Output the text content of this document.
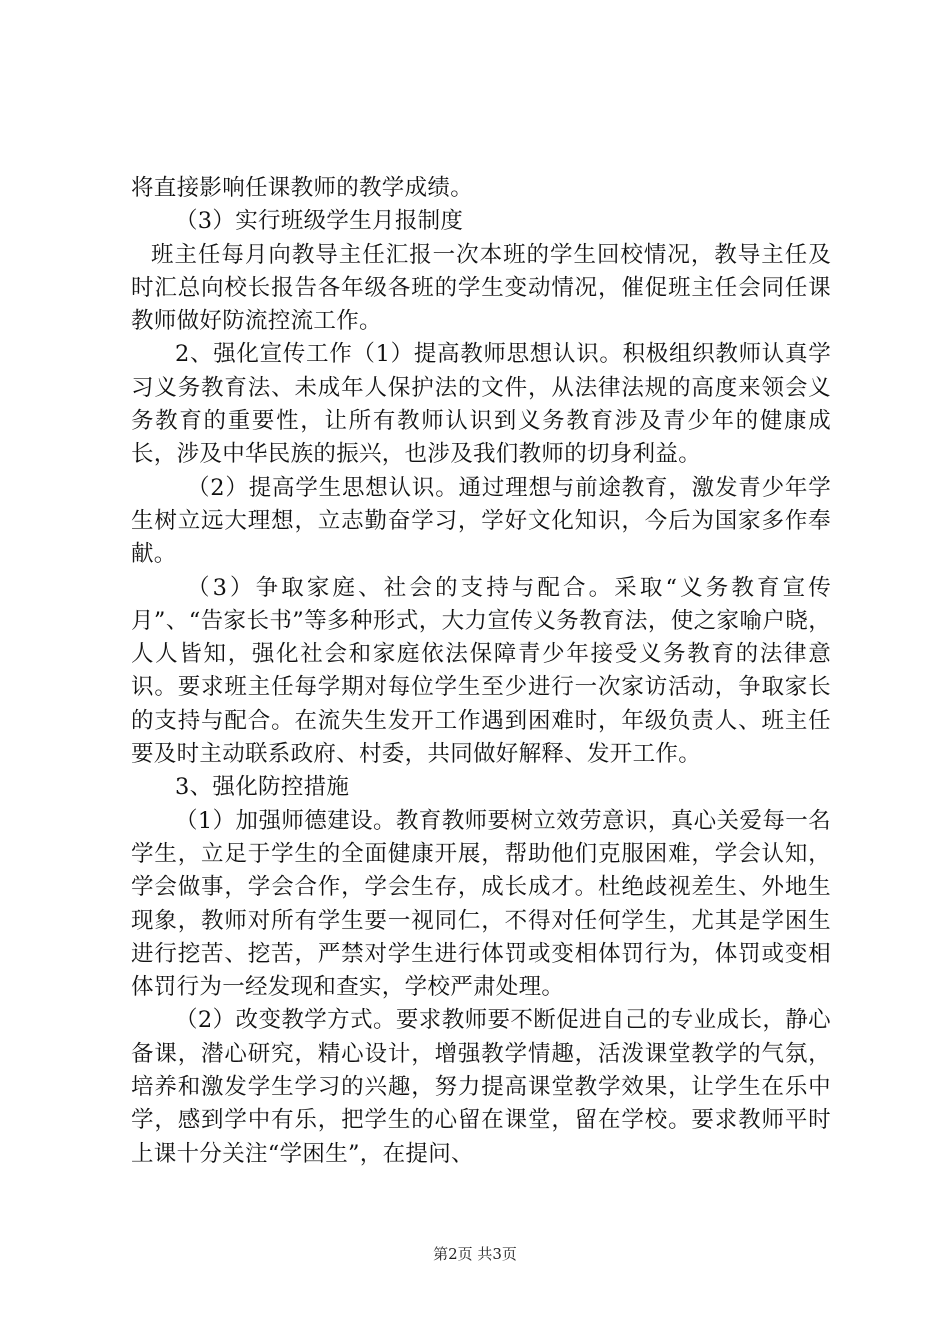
将直接影响任课教师的教学成绩。

（3）实行班级学生月报制度

班主任每月向教导主任汇报一次本班的学生回校情况，教导主任及时汇总向校长报告各年级各班的学生变动情况，催促班主任会同任课教师做好防流控流工作。

2、强化宣传工作（1）提高教师思想认识。积极组织教师认真学习义务教育法、未成年人保护法的文件，从法律法规的高度来领会义务教育的重要性，让所有教师认识到义务教育涉及青少年的健康成长，涉及中华民族的振兴，也涉及我们教师的切身利益。

（2）提高学生思想认识。通过理想与前途教育，激发青少年学生树立远大理想，立志勤奋学习，学好文化知识，今后为国家多作奉献。

（3）争取家庭、社会的支持与配合。采取“义务教育宣传月”、“告家长书”等多种形式，大力宣传义务教育法，使之家喻户晓，人人皆知，强化社会和家庭依法保障青少年接受义务教育的法律意识。要求班主任每学期对每位学生至少进行一次家访活动，争取家长的支持与配合。在流失生发开工作遇到困难时，年级负责人、班主任要及时主动联系政府、村委，共同做好解释、发开工作。

3、强化防控措施

（1）加强师德建设。教育教师要树立效劳意识，真心关爱每一名学生，立足于学生的全面健康开展，帮助他们克服困难，学会认知，学会做事，学会合作，学会生存，成长成才。杜绝歧视差生、外地生现象，教师对所有学生要一视同仁，不得对任何学生，尤其是学困生进行挖苦、挖苦，严禁对学生进行体罚或变相体罚行为，体罚或变相体罚行为一经发现和查实，学校严肃处理。

（2）改变教学方式。要求教师要不断促进自己的专业成长，静心备课，潜心研究，精心设计，增强教学情趣，活泼课堂教学的气氛，培养和激发学生学习的兴趣，努力提高课堂教学效果，让学生在乐中学，感到学中有乐，把学生的心留在课堂，留在学校。要求教师平时上课十分关注“学困生”，在提问、

第2页 共3页
